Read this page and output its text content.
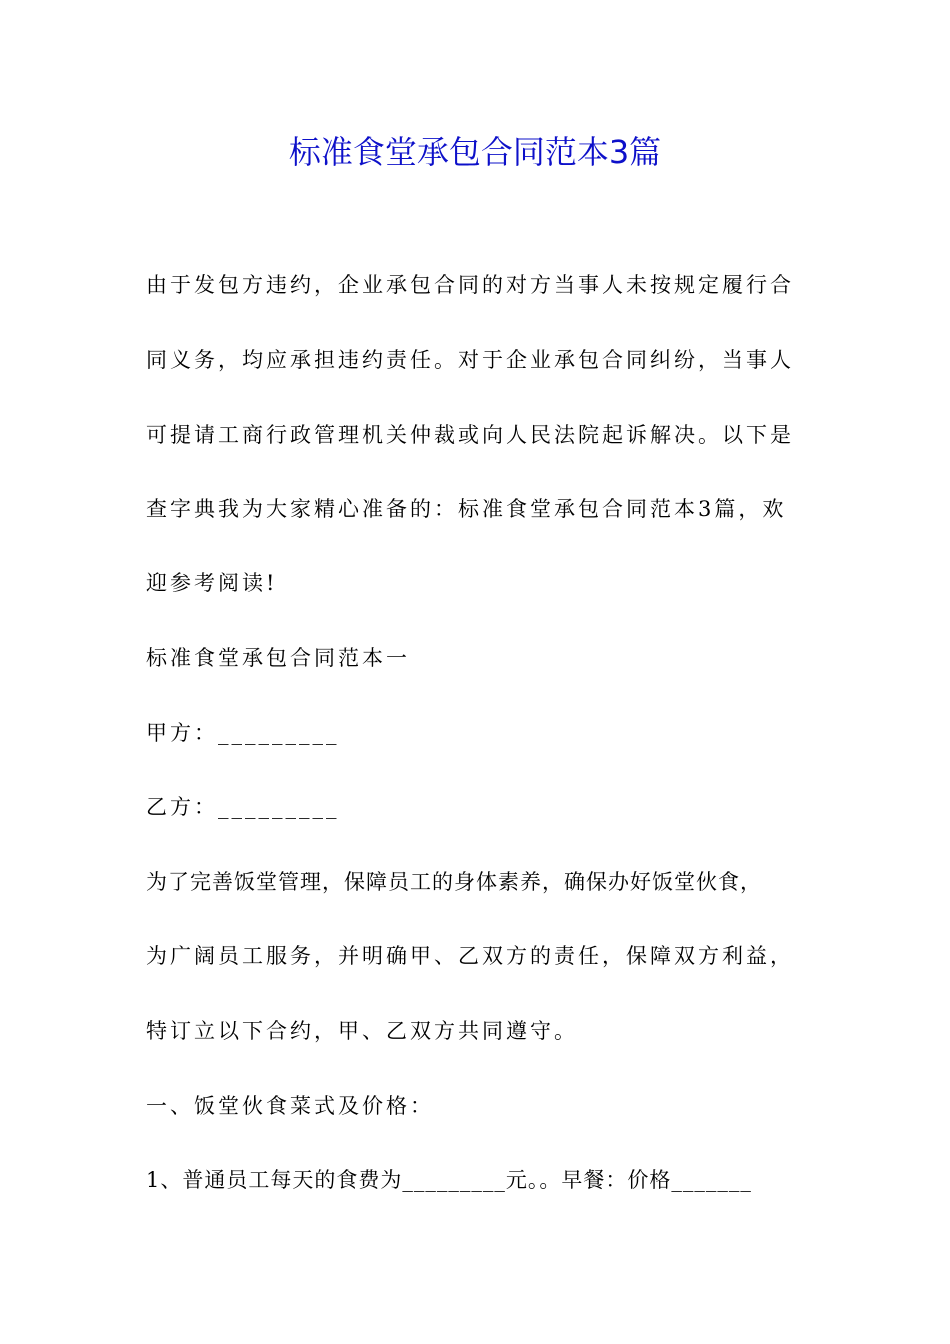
标准食堂承包合同范本3篇

由于发包方违约，企业承包合同的对方当事人未按规定履行合

同义务，均应承担违约责任。对于企业承包合同纠纷，当事人

可提请工商行政管理机关仲裁或向人民法院起诉解决。以下是

查字典我为大家精心准备的：标准食堂承包合同范本3篇，欢

迎参考阅读!

标准食堂承包合同范本一

甲方：_________

乙方：_________

为了完善饭堂管理，保障员工的身体素养，确保办好饭堂伙食，

为广阔员工服务，并明确甲、乙双方的责任，保障双方利益，

特订立以下合约，甲、乙双方共同遵守。

一、饭堂伙食菜式及价格：

1、普通员工每天的食费为_________元。。早餐：价格_______
